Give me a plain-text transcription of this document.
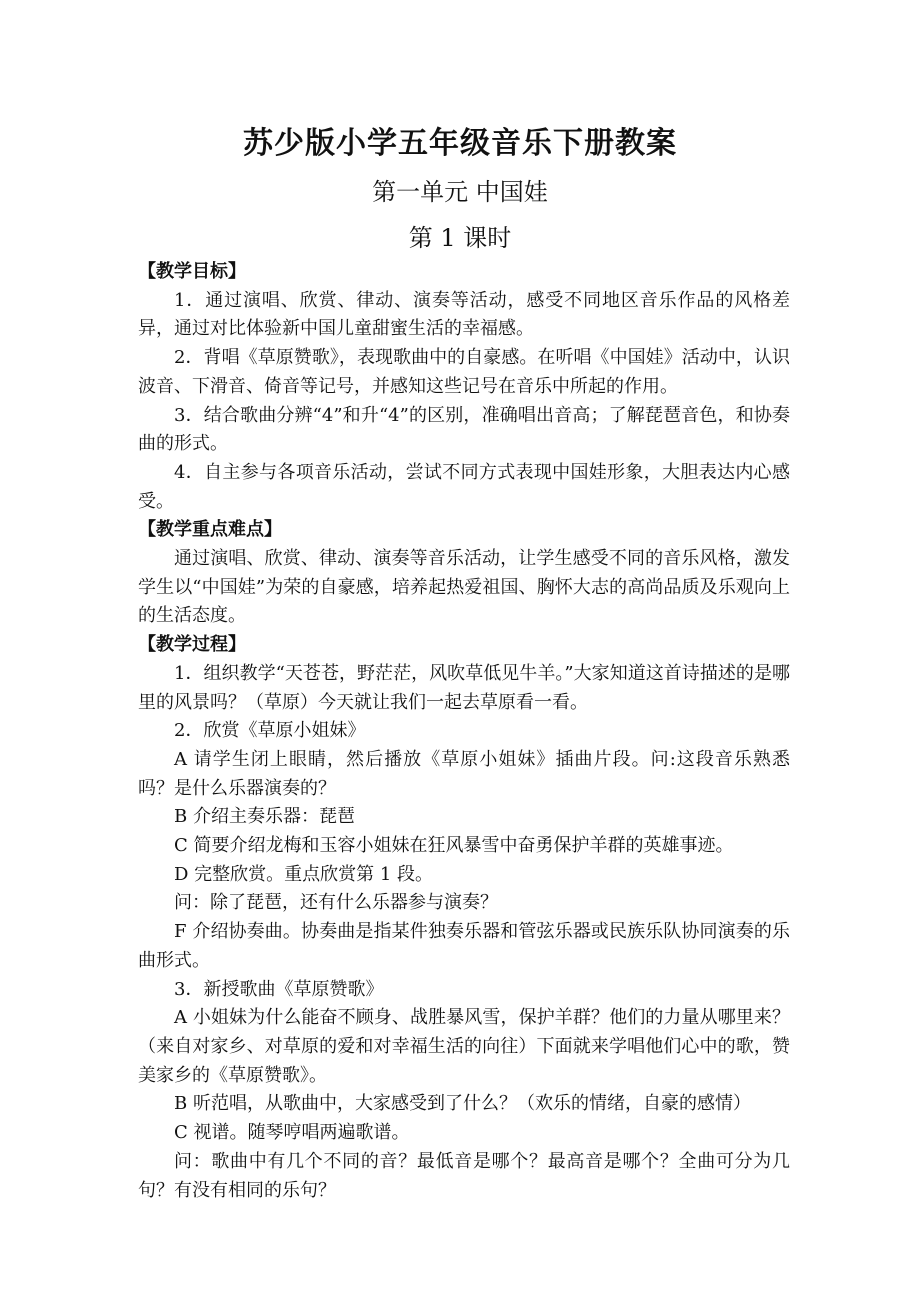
苏少版小学五年级音乐下册教案
第一单元 中国娃
第 1 课时
【教学目标】

1．通过演唱、欣赏、律动、演奏等活动，感受不同地区音乐作品的风格差异，通过对比体验新中国儿童甜蜜生活的幸福感。

2．背唱《草原赞歌》，表现歌曲中的自豪感。在听唱《中国娃》活动中，认识波音、下滑音、倚音等记号，并感知这些记号在音乐中所起的作用。

3．结合歌曲分辨“4”和升“4”的区别，准确唱出音高；了解琵琶音色，和协奏曲的形式。

4．自主参与各项音乐活动，尝试不同方式表现中国娃形象，大胆表达内心感受。

【教学重点难点】

通过演唱、欣赏、律动、演奏等音乐活动，让学生感受不同的音乐风格，激发学生以“中国娃”为荣的自豪感，培养起热爱祖国、胸怀大志的高尚品质及乐观向上的生活态度。

【教学过程】

1．组织教学“天苍苍，野茫茫，风吹草低见牛羊。”大家知道这首诗描述的是哪里的风景吗？（草原）今天就让我们一起去草原看一看。

2．欣赏《草原小姐妹》

A 请学生闭上眼睛，然后播放《草原小姐妹》插曲片段。问:这段音乐熟悉吗？是什么乐器演奏的？

B 介绍主奏乐器：琵琶

C 简要介绍龙梅和玉容小姐妹在狂风暴雪中奋勇保护羊群的英雄事迹。

D 完整欣赏。重点欣赏第 1 段。

问：除了琵琶，还有什么乐器参与演奏？

F 介绍协奏曲。协奏曲是指某件独奏乐器和管弦乐器或民族乐队协同演奏的乐曲形式。

3．新授歌曲《草原赞歌》

A 小姐妹为什么能奋不顾身、战胜暴风雪，保护羊群？他们的力量从哪里来？（来自对家乡、对草原的爱和对幸福生活的向往）下面就来学唱他们心中的歌，赞美家乡的《草原赞歌》。

B 听范唱，从歌曲中，大家感受到了什么？（欢乐的情绪，自豪的感情）

C 视谱。随琴哼唱两遍歌谱。

问：歌曲中有几个不同的音？最低音是哪个？最高音是哪个？全曲可分为几句？有没有相同的乐句？
